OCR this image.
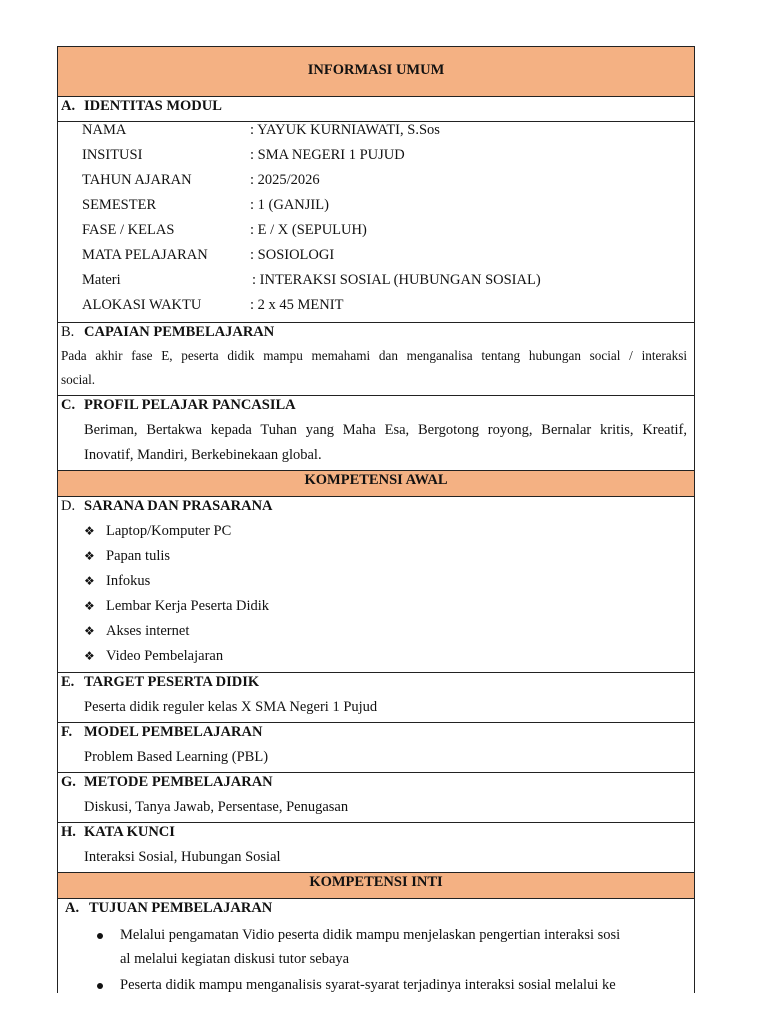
INFORMASI UMUM
A. IDENTITAS MODUL
NAMA	: YAYUK KURNIAWATI, S.Sos
INSITUSI	: SMA NEGERI 1 PUJUD
TAHUN AJARAN	: 2025/2026
SEMESTER	: 1 (GANJIL)
FASE / KELAS	: E / X (SEPULUH)
MATA PELAJARAN	: SOSIOLOGI
Materi	: INTERAKSI SOSIAL (HUBUNGAN SOSIAL)
ALOKASI WAKTU	: 2 x 45 MENIT
B. CAPAIAN PEMBELAJARAN
Pada akhir fase E, peserta didik mampu memahami dan menganalisa tentang hubungan social / interaksi
social.
C. PROFIL PELAJAR PANCASILA
Beriman, Bertakwa kepada Tuhan yang Maha Esa, Bergotong royong, Bernalar kritis, Kreatif,
Inovatif, Mandiri, Berkebinekaan global.
KOMPETENSI AWAL
D. SARANA DAN PRASARANA
❖ Laptop/Komputer PC
❖ Papan tulis
❖ Infokus
❖ Lembar Kerja Peserta Didik
❖ Akses internet
❖ Video Pembelajaran
E. TARGET PESERTA DIDIK
Peserta didik reguler kelas X SMA Negeri 1 Pujud
F. MODEL PEMBELAJARAN
Problem Based Learning (PBL)
G. METODE PEMBELAJARAN
Diskusi, Tanya Jawab, Persentase, Penugasan
H. KATA KUNCI
Interaksi Sosial, Hubungan Sosial
KOMPETENSI INTI
A. TUJUAN PEMBELAJARAN
Melalui pengamatan Vidio peserta didik mampu menjelaskan pengertian interaksi sosi
al melalui kegiatan diskusi tutor sebaya
Peserta didik mampu menganalisis syarat-syarat terjadinya interaksi sosial melalui ke
